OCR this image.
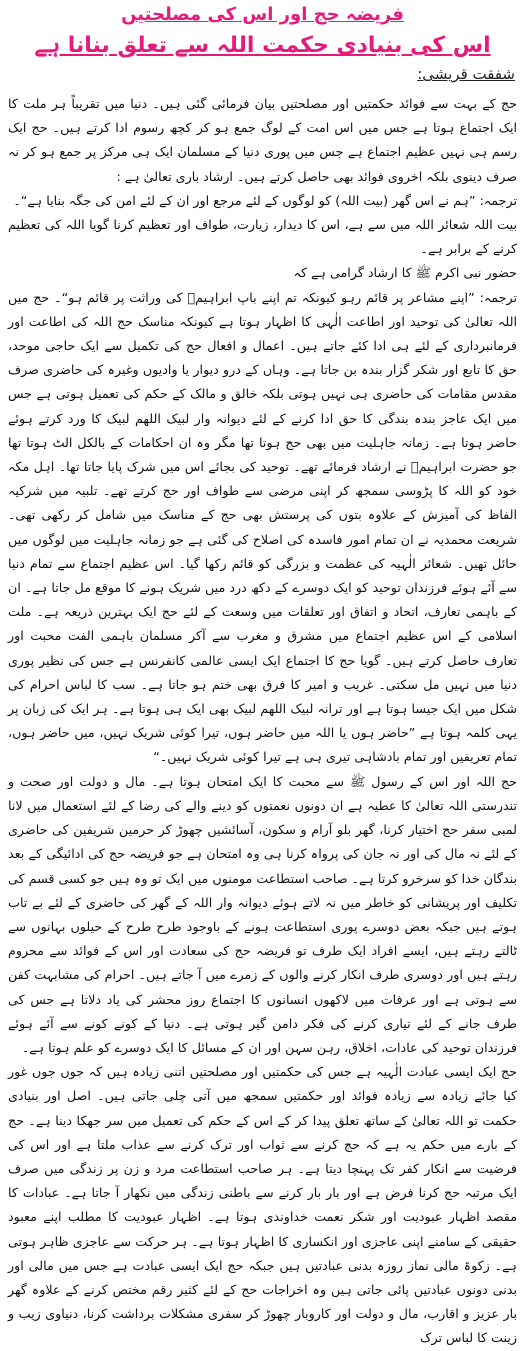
فریضہ حج اور اس کی مصلحتیں
اس کی بنیادی حکمت اللہ سے تعلق بنانا ہے
شفقت قریشی:

حج کے بہت سے فوائد حکمتیں اور مصلحتیں بیان فرمائی گئی ہیں۔ دنیا میں تقریباً ہر ملت کا ایک اجتماع ہوتا ہے جس میں اس امت کے لوگ جمع ہو کر کچھ رسوم ادا کرتے ہیں۔ حج ایک رسم ہی نہیں عظیم اجتماع ہے جس میں پوری دنیا کے مسلمان ایک ہی مرکز پر جمع ہو کر نہ صرف دینوی بلکہ اخروی فوائد بھی حاصل کرتے ہیں۔ ارشاد باری تعالیٰ ہے :

ترجمہ: ”ہم نے اس گھر (بیت اللہ) کو لوگوں کے لئے مرجع اور ان کے لئے امن کی جگہ بنایا ہے“۔

بیت اللہ شعائر اللہ میں سے ہے، اس کا دیدار، زیارت، طواف اور تعظیم کرنا گویا اللہ کی تعظیم کرنے کے برابر ہے۔

حضور نبی اکرم ﷺ کا ارشاد گرامی ہے کہ

ترجمہ: ”اپنے مشاعر پر قائم رہو کیونکہ تم اپنے باپ ابراہیمؑ کی وراثت پر قائم ہو“۔ حج میں اللہ تعالیٰ کی توحید اور اطاعت الٰہی کا اظہار ہوتا ہے کیونکہ مناسک حج اللہ کی اطاعت اور فرمانبرداری کے لئے ہی ادا کئے جاتے ہیں۔ اعمال و افعال حج کی تکمیل سے ایک حاجی موحد، حق کا تابع اور شکر گزار بندہ بن جاتا ہے۔ وہاں کے درو دیوار یا وادیوں وغیرہ کی حاضری صرف مقدس مقامات کی حاضری ہی نہیں ہوتی بلکہ خالق و مالک کے حکم کی تعمیل ہوتی ہے جس میں ایک عاجز بندہ بندگی کا حق ادا کرنے کے لئے دیوانہ وار لبیک اللھم لبیک کا ورد کرتے ہوئے حاضر ہوتا ہے۔ زمانہ جاہلیت میں بھی حج ہوتا تھا مگر وہ ان احکامات کے بالکل الٹ ہوتا تھا جو حضرت ابراہیمؑ نے ارشاد فرمائے تھے۔ توحید کی بجائے اس میں شرک پایا جاتا تھا۔ اہل مکہ خود کو اللہ کا پڑوسی سمجھ کر اپنی مرضی سے طواف اور حج کرتے تھے۔ تلبیہ میں شرکیہ الفاظ کی آمیزش کے علاوہ بتوں کی پرستش بھی حج کے مناسک میں شامل کر رکھی تھی۔ شریعت محمدیہ نے ان تمام امور فاسدہ کی اصلاح کی گئی ہے جو زمانہ جاہلیت میں لوگوں میں حائل تھیں۔ شعائر الٰہیہ کی عظمت و بزرگی کو قائم رکھا گیا۔ اس عظیم اجتماع سے تمام دنیا سے آئے ہوئے فرزندان توحید کو ایک دوسرے کے دکھ درد میں شریک ہونے کا موقع مل جاتا ہے۔ ان کے باہمی تعارف، اتحاد و اتفاق اور تعلقات میں وسعت کے لئے حج ایک بہترین ذریعہ ہے۔ ملت اسلامی کے اس عظیم اجتماع میں مشرق و مغرب سے آکر مسلمان باہمی الفت محبت اور تعارف حاصل کرتے ہیں۔ گویا حج کا اجتماع ایک ایسی عالمی کانفرنس ہے جس کی نظیر پوری دنیا میں نہیں مل سکتی۔ غریب و امیر کا فرق بھی ختم ہو جاتا ہے۔ سب کا لباس احرام کی شکل میں ایک جیسا ہوتا ہے اور ترانہ لبیک اللھم لبیک بھی ایک ہی ہوتا ہے۔ ہر ایک کی زبان پر یہی کلمہ ہوتا ہے ”حاضر ہوں یا اللہ میں حاضر ہوں، تیرا کوئی شریک نہیں، میں حاضر ہوں، تمام تعریفیں اور تمام بادشاہی تیری ہی ہے تیرا کوئی شریک نہیں۔“

حج اللہ اور اس کے رسول ﷺ سے محبت کا ایک امتحان ہوتا ہے۔ مال و دولت اور صحت و تندرستی اللہ تعالیٰ کا عطیہ ہے ان دونوں نعمتوں کو دینے والے کی رضا کے لئے استعمال میں لانا لمبی سفر حج اختیار کرنا، گھر بلو آرام و سکون، آسائشیں چھوڑ کر حرمین شریفین کی حاضری کے لئے نہ مال کی اور نہ جان کی پرواہ کرنا ہی وہ امتحان ہے جو فریضہ حج کی ادائیگی کے بعد بندگان خدا کو سرخرو کرتا ہے۔ صاحب استطاعت مومنوں میں ایک تو وہ ہیں جو کسی قسم کی تکلیف اور پریشانی کو خاطر میں نہ لاتے ہوئے دیوانہ وار اللہ کے گھر کی حاضری کے لئے بے تاب ہوتے ہیں جبکہ بعض دوسرے پوری استطاعت ہونے کے باوجود طرح طرح کے حیلوں بہانوں سے ٹالتے رہتے ہیں، ایسے افراد ایک طرف تو فریضہ حج کی سعادت اور اس کے فوائد سے محروم رہتے ہیں اور دوسری طرف انکار کرنے والوں کے زمرے میں آ جاتے ہیں۔ احرام کی مشابہت کفن سے ہوتی ہے اور عرفات میں لاکھوں انسانوں کا اجتماع روز محشر کی یاد دلاتا ہے جس کی طرف جانے کے لئے تیاری کرنے کی فکر دامن گیر ہوتی ہے۔ دنیا کے کونے کونے سے آئے ہوئے فرزندان توحید کی عادات، اخلاق، رہن سہن اور ان کے مسائل کا ایک دوسرے کو علم ہوتا ہے۔

حج ایک ایسی عبادت الٰہیہ ہے جس کی حکمتیں اور مصلحتیں اتنی زیادہ ہیں کہ جوں جوں غور کیا جائے زیادہ سے زیادہ فوائد اور حکمتیں سمجھ میں آتی چلی جاتی ہیں۔ اصل اور بنیادی حکمت تو اللہ تعالیٰ کے ساتھ تعلق پیدا کر کے اس کے حکم کی تعمیل میں سر جھکا دینا ہے۔ حج کے بارے میں حکم یہ ہے کہ حج کرنے سے ثواب اور ترک کرنے سے عذاب ملتا ہے اور اس کی فرضیت سے انکار کفر تک پہنچا دیتا ہے۔ ہر صاحب استطاعت مرد و زن پر زندگی میں صرف ایک مرتبہ حج کرنا فرض ہے اور بار بار کرنے سے باطنی زندگی میں نکھار آ جاتا ہے۔ عبادات کا مقصد اظہار عبودیت اور شکر نعمت خداوندی ہوتا ہے۔ اظہار عبودیت کا مطلب اپنے معبود حقیقی کے سامنے اپنی عاجزی اور انکساری کا اظہار ہوتا ہے۔ ہر حرکت سے عاجزی ظاہر ہوتی ہے۔ زکوۃ مالی نماز روزہ بدنی عبادتیں ہیں جبکہ حج ایک ایسی عبادت ہے جس میں مالی اور بدنی دونوں عبادتیں پائی جاتی ہیں وہ اخراجات حج کے لئے کثیر رقم مختص کرنے کے علاوہ گھر بار عزیز و اقارب، مال و دولت اور کاروبار چھوڑ کر سفری مشکلات برداشت کرنا، دنیاوی زیب و زینت کا لباس ترک
